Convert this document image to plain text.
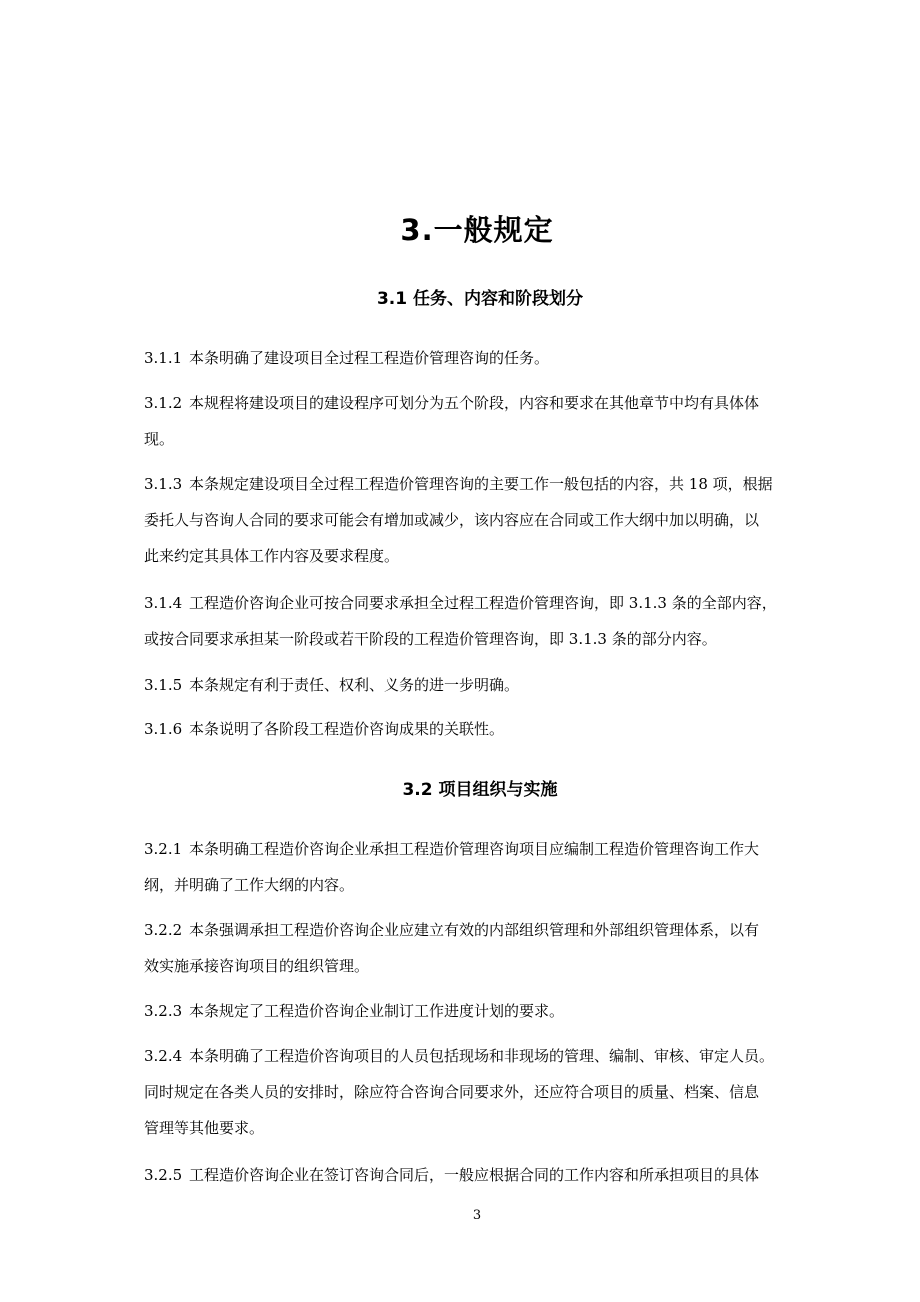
3.一般规定
3.1 任务、内容和阶段划分

3.1.1 本条明确了建设项目全过程工程造价管理咨询的任务。

3.1.2 本规程将建设项目的建设程序可划分为五个阶段，内容和要求在其他章节中均有具体体
现。

3.1.3 本条规定建设项目全过程工程造价管理咨询的主要工作一般包括的内容，共 18 项，根据
委托人与咨询人合同的要求可能会有增加或减少，该内容应在合同或工作大纲中加以明确，以
此来约定其具体工作内容及要求程度。

3.1.4 工程造价咨询企业可按合同要求承担全过程工程造价管理咨询，即 3.1.3 条的全部内容，
或按合同要求承担某一阶段或若干阶段的工程造价管理咨询，即 3.1.3 条的部分内容。

3.1.5 本条规定有利于责任、权利、义务的进一步明确。

3.1.6 本条说明了各阶段工程造价咨询成果的关联性。

3.2 项目组织与实施

3.2.1 本条明确工程造价咨询企业承担工程造价管理咨询项目应编制工程造价管理咨询工作大
纲，并明确了工作大纲的内容。

3.2.2 本条强调承担工程造价咨询企业应建立有效的内部组织管理和外部组织管理体系，以有
效实施承接咨询项目的组织管理。

3.2.3 本条规定了工程造价咨询企业制订工作进度计划的要求。

3.2.4 本条明确了工程造价咨询项目的人员包括现场和非现场的管理、编制、审核、审定人员。
同时规定在各类人员的安排时，除应符合咨询合同要求外，还应符合项目的质量、档案、信息
管理等其他要求。

3.2.5 工程造价咨询企业在签订咨询合同后，一般应根据合同的工作内容和所承担项目的具体

3
